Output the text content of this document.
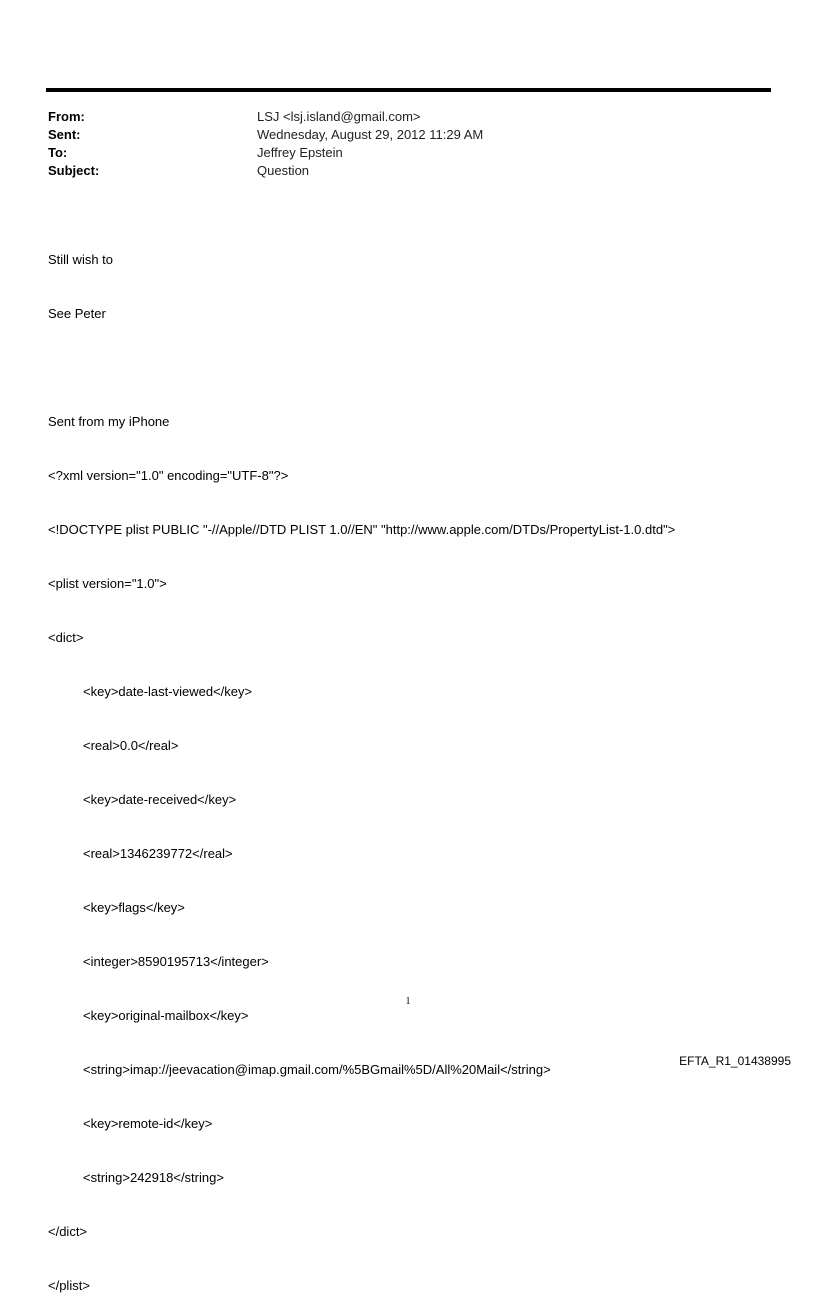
From:	LSJ <lsj.island@gmail.com>
Sent:	Wednesday, August 29, 2012 11:29 AM
To:	Jeffrey Epstein
Subject:	Question

Still wish to

See Peter

Sent from my iPhone

<?xml version="1.0" encoding="UTF-8"?>

<!DOCTYPE plist PUBLIC "-//Apple//DTD PLIST 1.0//EN" "http://www.apple.com/DTDs/PropertyList-1.0.dtd">

<plist version="1.0">

<dict>

<key>date-last-viewed</key>

<real>0.0</real>

<key>date-received</key>

<real>1346239772</real>

<key>flags</key>

<integer>8590195713</integer>

<key>original-mailbox</key>

<string>imap://jeevacation@imap.gmail.com/%5BGmail%5D/All%20Mail</string>

<key>remote-id</key>

<string>242918</string>

</dict>

</plist>

1
EFTA_R1_01438995
